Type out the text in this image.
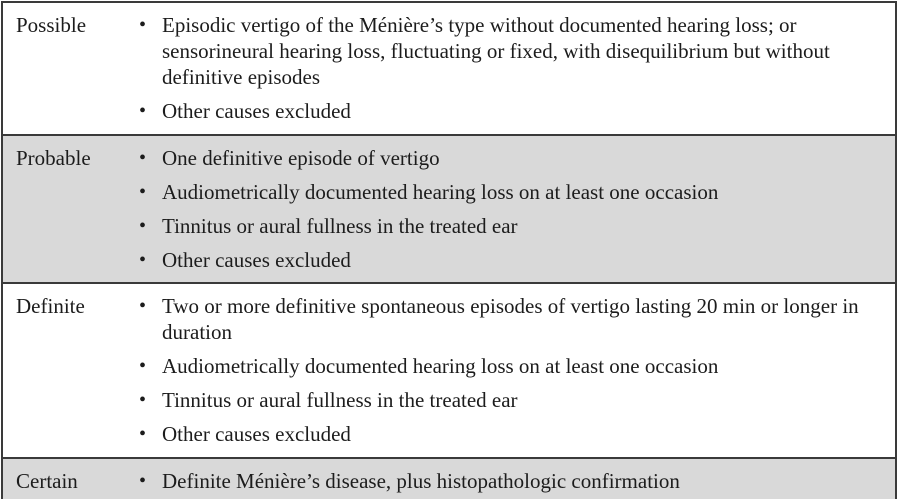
Possible	• Episodic vertigo of the Ménière’s type without documented hearing loss; or sensorineural hearing loss, fluctuating or fixed, with disequilibrium but without definitive episodes
• Other causes excluded
Probable • One definitive episode of vertigo
• Audiometrically documented hearing loss on at least one occasion
• Tinnitus or aural fullness in the treated ear
• Other causes excluded
Definite	• Two or more definitive spontaneous episodes of vertigo lasting 20 min or longer in duration
• Audiometrically documented hearing loss on at least one occasion
• Tinnitus or aural fullness in the treated ear
• Other causes excluded
Certain	• Definite Ménière’s disease, plus histopathologic confirmation
